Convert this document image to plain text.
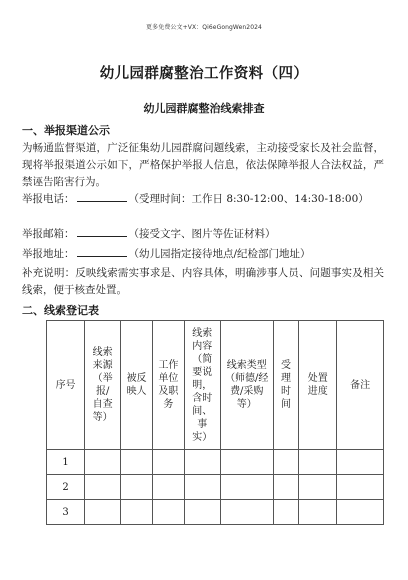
更多免费公文+VX：Qi6eGongWen2024
幼儿园群腐整治工作资料（四）
幼儿园群腐整治线索排查
一、举报渠道公示
为畅通监督渠道，广泛征集幼儿园群腐问题线索，主动接受家长及社会监督，现将举报渠道公示如下，严格保护举报人信息，依法保障举报人合法权益，严禁诬告陷害行为。
举报电话：	（受理时间：工作日 8:30-12:00、14:30-18:00）
举报邮箱：	（接受文字、图片等佐证材料）
举报地址：	（幼儿园指定接待地点/纪检部门地址）
补充说明：反映线索需实事求是、内容具体，明确涉事人员、问题事实及相关线索，便于核查处置。
二、线索登记表
序号	线索来源（举报/自查等）	被反映人	工作单位及职务	线索内容（简要说明，含时间、事实）	线索类型（师德/经费/采购等）	受理时间	处置进度	备注
1								
2								
3								
